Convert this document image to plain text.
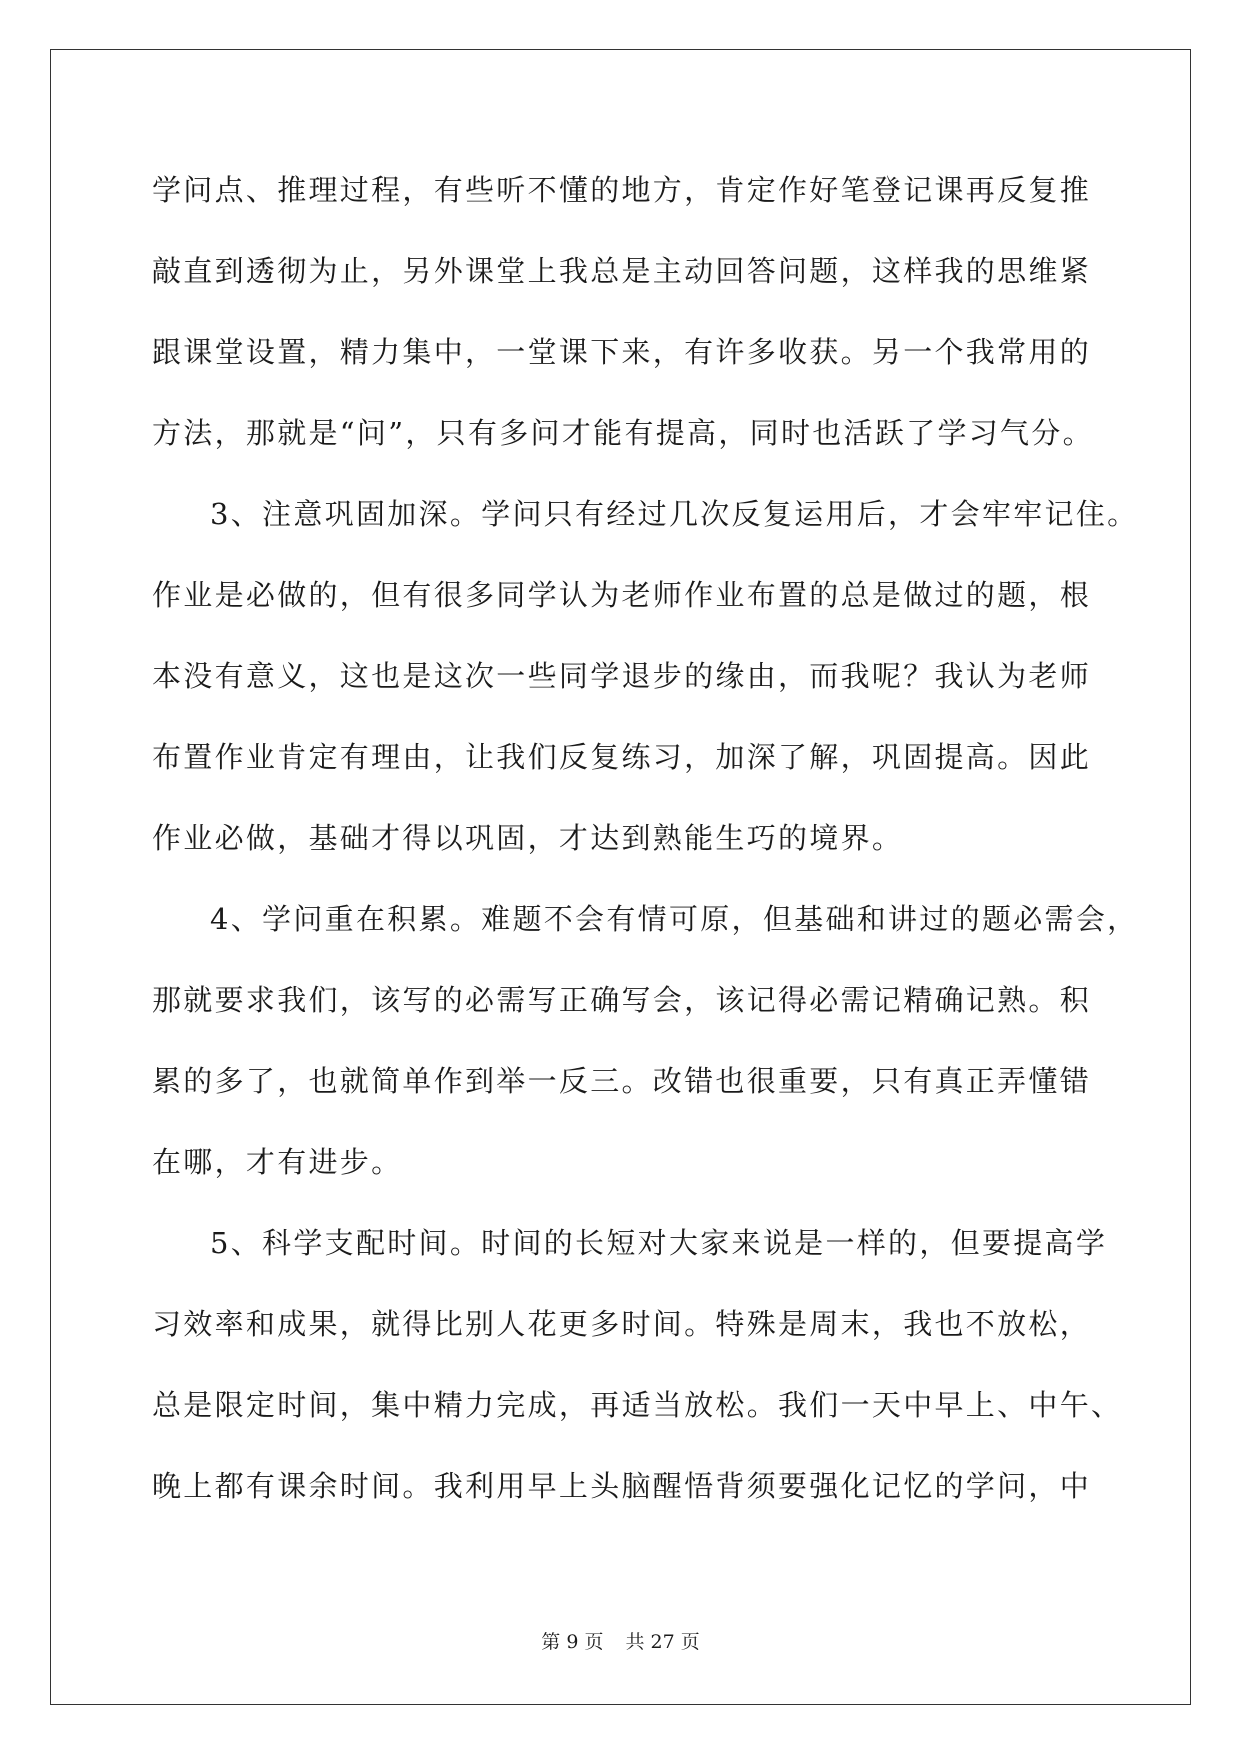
学问点、推理过程，有些听不懂的地方，肯定作好笔登记课再反复推
敲直到透彻为止，另外课堂上我总是主动回答问题，这样我的思维紧
跟课堂设置，精力集中，一堂课下来，有许多收获。另一个我常用的
方法，那就是“问”，只有多问才能有提高，同时也活跃了学习气分。
3、注意巩固加深。学问只有经过几次反复运用后，才会牢牢记住。
作业是必做的，但有很多同学认为老师作业布置的总是做过的题，根
本没有意义，这也是这次一些同学退步的缘由，而我呢？我认为老师
布置作业肯定有理由，让我们反复练习，加深了解，巩固提高。因此
作业必做，基础才得以巩固，才达到熟能生巧的境界。
4、学问重在积累。难题不会有情可原，但基础和讲过的题必需会，
那就要求我们，该写的必需写正确写会，该记得必需记精确记熟。积
累的多了，也就简单作到举一反三。改错也很重要，只有真正弄懂错
在哪，才有进步。
5、科学支配时间。时间的长短对大家来说是一样的，但要提高学
习效率和成果，就得比别人花更多时间。特殊是周末，我也不放松，
总是限定时间，集中精力完成，再适当放松。我们一天中早上、中午、
晚上都有课余时间。我利用早上头脑醒悟背须要强化记忆的学问，中
第 9 页 共 27 页
